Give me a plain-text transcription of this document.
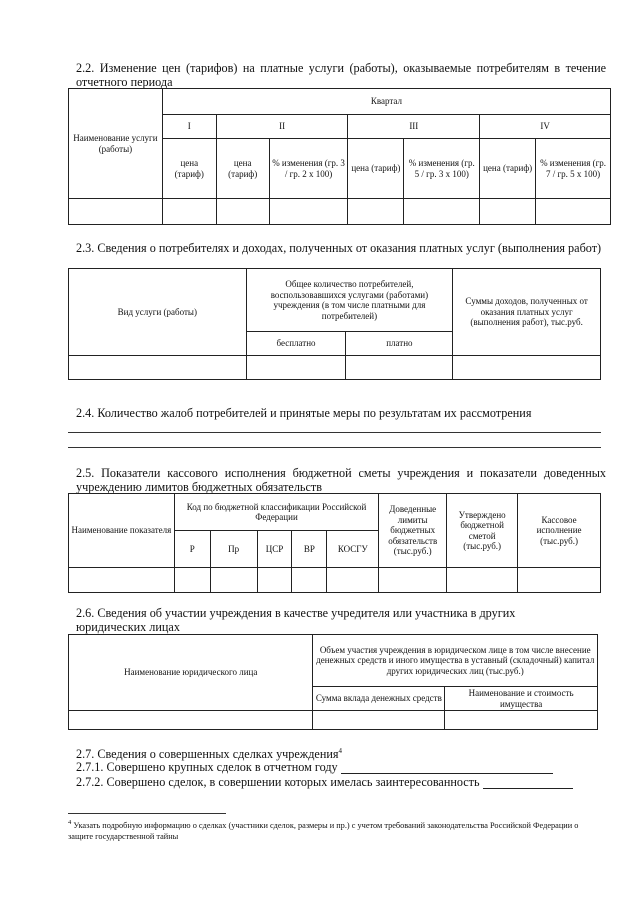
2.2. Изменение цен (тарифов) на платные услуги (работы), оказываемые потребителям в течение отчетного периода
Наименование услуги (работы)	Квартал						
	I	II		III		IV	
	цена (тариф)	цена (тариф)	% изменения (гр. 3 / гр. 2 х 100)	цена (тариф)	% изменения (гр. 5 / гр. 3 х 100)	цена (тариф)	% изменения (гр. 7 / гр. 5 х 100)

2.3. Сведения о потребителях и доходах, полученных от оказания платных услуг (выполнения работ)
Вид услуги (работы)	Общее количество потребителей, воспользовавшихся услугами (работами) учреждения (в том числе платными для потребителей)		Суммы доходов, полученных от оказания платных услуг (выполнения работ), тыс.руб.
	бесплатно	платно	

2.4. Количество жалоб потребителей и принятые меры по результатам их рассмотрения
2.5. Показатели кассового исполнения бюджетной сметы учреждения и показатели доведенных учреждению лимитов бюджетных обязательств
Наименование показателя	Код по бюджетной классификации Российской Федерации					Доведенные лимиты бюджетных обязательств (тыс.руб.)	Утверждено бюджетной сметой (тыс.руб.)	Кассовое исполнение (тыс.руб.)
	Р	Пр	ЦСР	ВР	КОСГУ			

2.6. Сведения об участии учреждения в качестве учредителя или участника в других юридических лицах
Наименование юридического лица	Объем участия учреждения в юридическом лице в том числе внесение денежных средств и иного имущества в уставный (складочный) капитал других юридических лиц (тыс.руб.)	
	Сумма вклада денежных средств	Наименование и стоимость имущества

2.7. Сведения о совершенных сделках учреждения$^4$
2.7.1. Совершено крупных сделок в отчетном году
2.7.2. Совершено сделок, в совершении которых имелась заинтересованность
$^4$ Указать подробную информацию о сделках (участники сделок, размеры и пр.) с учетом требований законодательства Российской Федерации о защите государственной тайны
